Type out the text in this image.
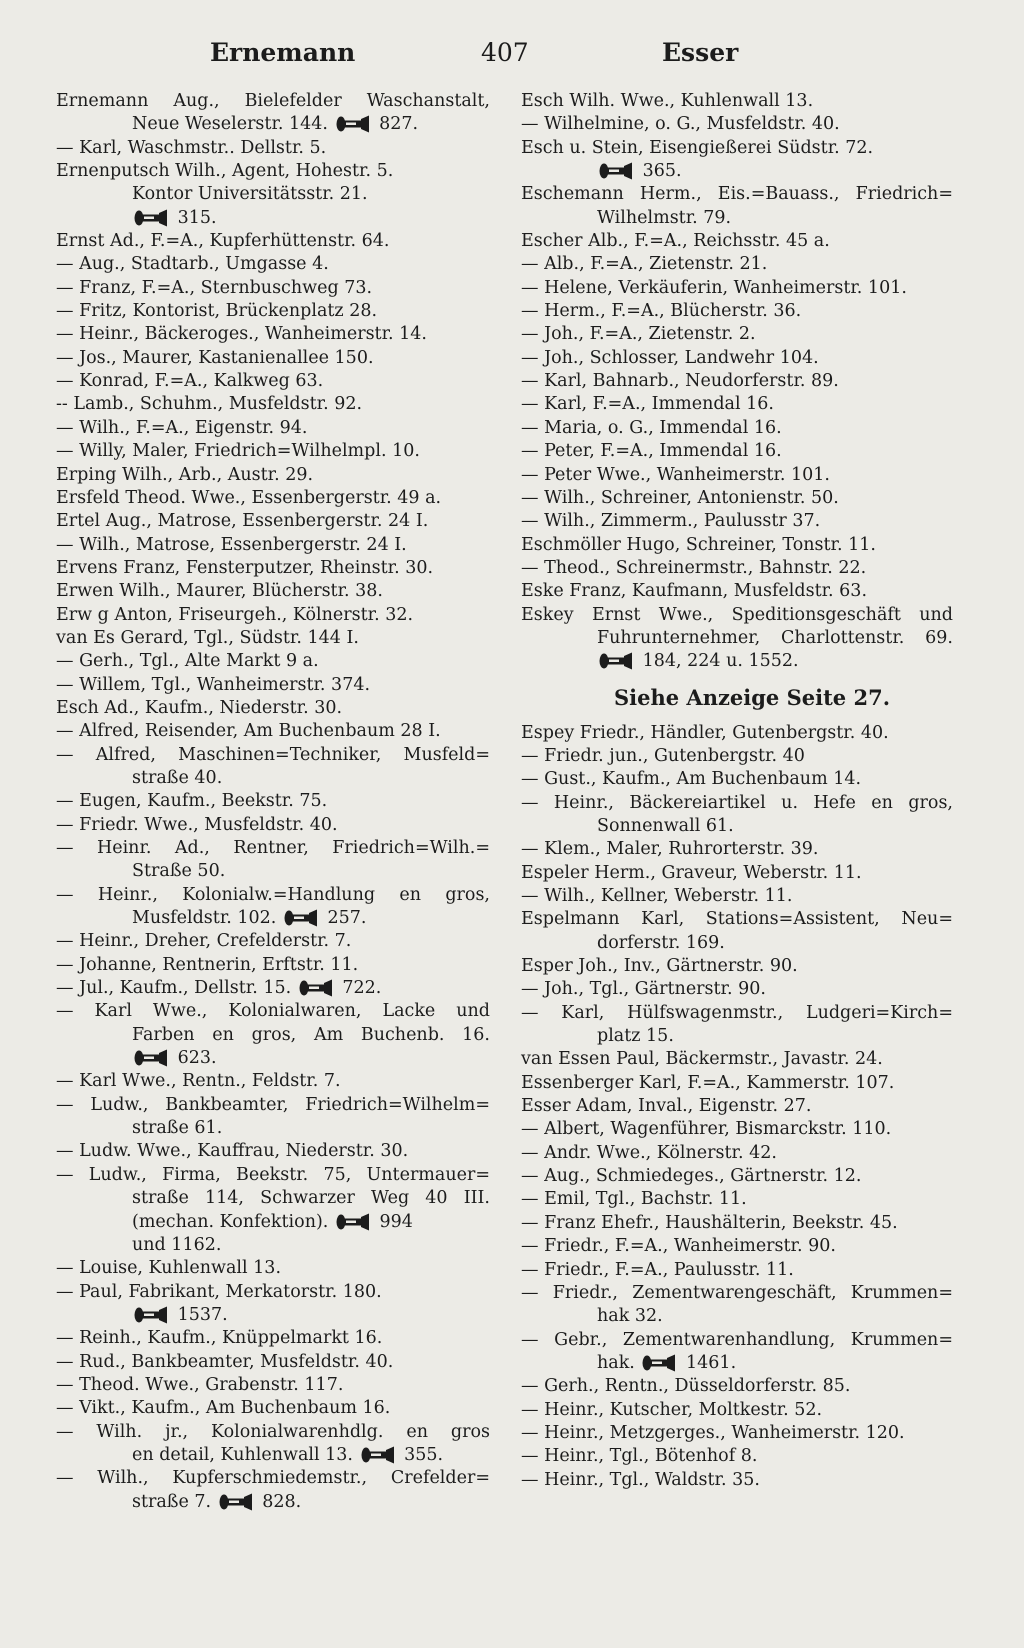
Ernemann	407	Esser
Ernemann Aug., Bielefelder Waschanstalt,
Neue Weselerstr. 144.	827.
— Karl, Waschmstr.. Dellstr. 5.
Ernenputsch Wilh., Agent, Hohestr. 5.
Kontor Universitätsstr. 21.
315.
Ernst Ad., F.=A., Kupferhüttenstr. 64.
— Aug., Stadtarb., Umgasse 4.
— Franz, F.=A., Sternbuschweg 73.
— Fritz, Kontorist, Brückenplatz 28.
— Heinr., Bäckeroges., Wanheimerstr. 14.
— Jos., Maurer, Kastanienallee 150.
— Konrad, F.=A., Kalkweg 63.
-- Lamb., Schuhm., Musfeldstr. 92.
— Wilh., F.=A., Eigenstr. 94.
— Willy, Maler, Friedrich=Wilhelmpl. 10.
Erping Wilh., Arb., Austr. 29.
Ersfeld Theod. Wwe., Essenbergerstr. 49 a.
Ertel Aug., Matrose, Essenbergerstr. 24 I.
— Wilh., Matrose, Essenbergerstr. 24 I.
Ervens Franz, Fensterputzer, Rheinstr. 30.
Erwen Wilh., Maurer, Blücherstr. 38.
Erw g Anton, Friseurgeh., Kölnerstr. 32.
van Es Gerard, Tgl., Südstr. 144 I.
— Gerh., Tgl., Alte Markt 9 a.
— Willem, Tgl., Wanheimerstr. 374.
Esch Ad., Kaufm., Niederstr. 30.
— Alfred, Reisender, Am Buchenbaum 28 I.
— Alfred, Maschinen=Techniker, Musfeld=
straße 40.
— Eugen, Kaufm., Beekstr. 75.
— Friedr. Wwe., Musfeldstr. 40.
— Heinr. Ad., Rentner, Friedrich=Wilh.=
Straße 50.
— Heinr., Kolonialw.=Handlung en gros,
Musfeldstr. 102.	257.
— Heinr., Dreher, Crefelderstr. 7.
— Johanne, Rentnerin, Erftstr. 11.
— Jul., Kaufm., Dellstr. 15.	722.
— Karl Wwe., Kolonialwaren, Lacke und
Farben en gros, Am Buchenb. 16.
623.
— Karl Wwe., Rentn., Feldstr. 7.
— Ludw., Bankbeamter, Friedrich=Wilhelm=
straße 61.
— Ludw. Wwe., Kauffrau, Niederstr. 30.
— Ludw., Firma, Beekstr. 75, Untermauer=
straße 114, Schwarzer Weg 40 III.
(mechan. Konfektion).	994
und 1162.
— Louise, Kuhlenwall 13.
— Paul, Fabrikant, Merkatorstr. 180.
1537.
— Reinh., Kaufm., Knüppelmarkt 16.
— Rud., Bankbeamter, Musfeldstr. 40.
— Theod. Wwe., Grabenstr. 117.
— Vikt., Kaufm., Am Buchenbaum 16.
— Wilh. jr., Kolonialwarenhdlg. en gros
en detail, Kuhlenwall 13.	355.
— Wilh., Kupferschmiedemstr., Crefelder=
straße 7.	828.
Esch Wilh. Wwe., Kuhlenwall 13.
— Wilhelmine, o. G., Musfeldstr. 40.
Esch u. Stein, Eisengießerei Südstr. 72.
365.
Eschemann Herm., Eis.=Bauass., Friedrich=
Wilhelmstr. 79.
Escher Alb., F.=A., Reichsstr. 45 a.
— Alb., F.=A., Zietenstr. 21.
— Helene, Verkäuferin, Wanheimerstr. 101.
— Herm., F.=A., Blücherstr. 36.
— Joh., F.=A., Zietenstr. 2.
— Joh., Schlosser, Landwehr 104.
— Karl, Bahnarb., Neudorferstr. 89.
— Karl, F.=A., Immendal 16.
— Maria, o. G., Immendal 16.
— Peter, F.=A., Immendal 16.
— Peter Wwe., Wanheimerstr. 101.
— Wilh., Schreiner, Antonienstr. 50.
— Wilh., Zimmerm., Paulusstr 37.
Eschmöller Hugo, Schreiner, Tonstr. 11.
— Theod., Schreinermstr., Bahnstr. 22.
Eske Franz, Kaufmann, Musfeldstr. 63.
Eskey Ernst Wwe., Speditionsgeschäft und
Fuhrunternehmer, Charlottenstr. 69.
184, 224 u. 1552.
Siehe Anzeige Seite 27.
Espey Friedr., Händler, Gutenbergstr. 40.
— Friedr. jun., Gutenbergstr. 40
— Gust., Kaufm., Am Buchenbaum 14.
— Heinr., Bäckereiartikel u. Hefe en gros,
Sonnenwall 61.
— Klem., Maler, Ruhrorterstr. 39.
Espeler Herm., Graveur, Weberstr. 11.
— Wilh., Kellner, Weberstr. 11.
Espelmann Karl, Stations=Assistent, Neu=
dorferstr. 169.
Esper Joh., Inv., Gärtnerstr. 90.
— Joh., Tgl., Gärtnerstr. 90.
— Karl, Hülfswagenmstr., Ludgeri=Kirch=
platz 15.
van Essen Paul, Bäckermstr., Javastr. 24.
Essenberger Karl, F.=A., Kammerstr. 107.
Esser Adam, Inval., Eigenstr. 27.
— Albert, Wagenführer, Bismarckstr. 110.
— Andr. Wwe., Kölnerstr. 42.
— Aug., Schmiedeges., Gärtnerstr. 12.
— Emil, Tgl., Bachstr. 11.
— Franz Ehefr., Haushälterin, Beekstr. 45.
— Friedr., F.=A., Wanheimerstr. 90.
— Friedr., F.=A., Paulusstr. 11.
— Friedr., Zementwarengeschäft, Krummen=
hak 32.
— Gebr., Zementwarenhandlung, Krummen=
hak.	1461.
— Gerh., Rentn., Düsseldorferstr. 85.
— Heinr., Kutscher, Moltkestr. 52.
— Heinr., Metzgerges., Wanheimerstr. 120.
— Heinr., Tgl., Bötenhof 8.
— Heinr., Tgl., Waldstr. 35.
